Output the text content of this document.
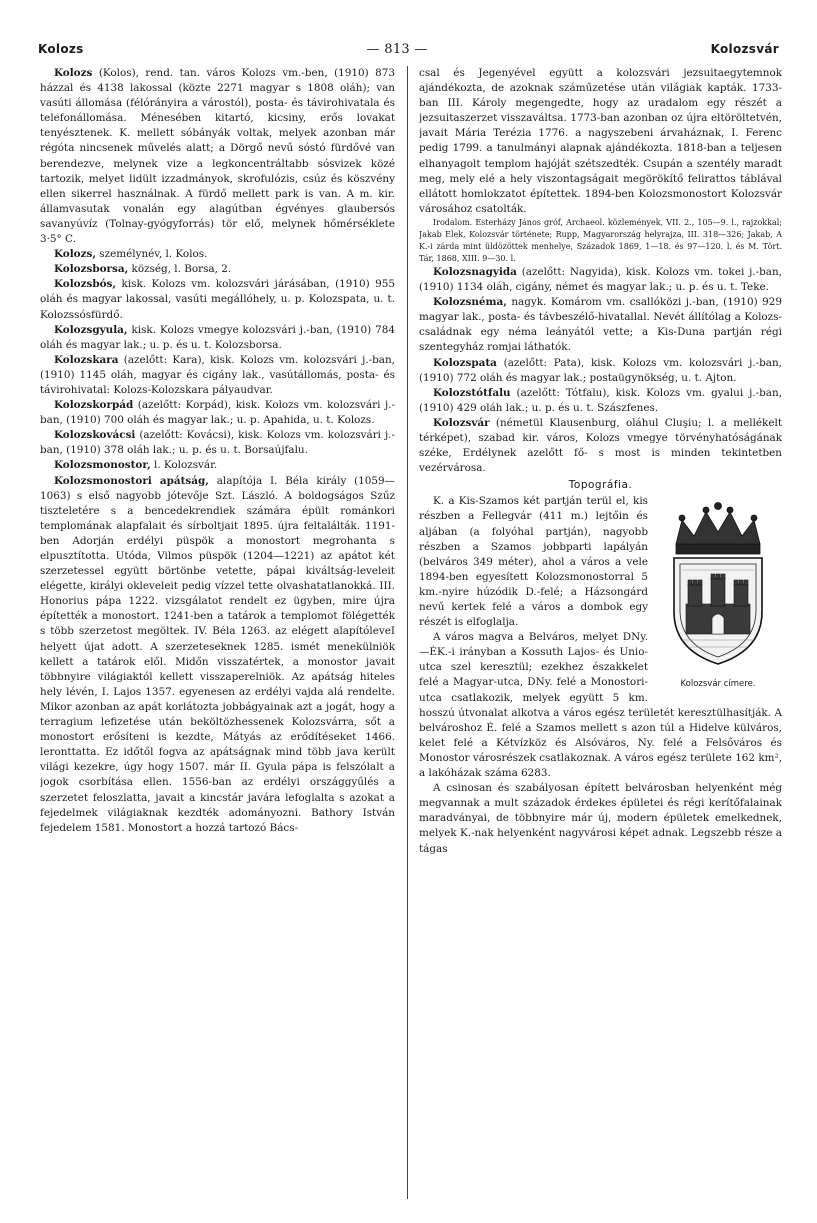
Kolozs	— 813 —	Kolozsvár

Kolozs (Kolos), rend. tan. város Kolozs vm.-ben, (1910) 873 házzal és 4138 lakossal (közte 2271 magyar s 1808 oláh); van vasúti állomása (félórányira a várostól), posta- és távirohivatala és telefonállomása. Ménesében kitartó, kicsiny, erős lovakat tenyésztenek. K. mellett sóbányák voltak, melyek azonban már régóta nincsenek művelés alatt; a Dörgő nevű sóstó fürdővé van berendezve, melynek vize a legkoncentráltabb sósvizek közé tartozik, melyet lidült izzadmányok, skrofulózis, csúz és köszvény ellen sikerrel használnak. A fürdő mellett park is van. A m. kir. államvasutak vonalán egy alagútban égvényes glaubersós savanyúvíz (Tolnay-gyógyforrás) tör elő, melynek hőmérséklete 3·5° C.

Kolozs, személynév, l. Kolos.

Kolozsborsa, község, l. Borsa, 2.

Kolozsbós, kisk. Kolozs vm. kolozsvári járásában, (1910) 955 oláh és magyar lakossal, vasúti megállóhely, u. p. Kolozspata, u. t. Kolozssósfürdő.

Kolozsgyula, kisk. Kolozs vmegye kolozsvári j.-ban, (1910) 784 oláh és magyar lak.; u. p. és u. t. Kolozsborsa.

Kolozskara (azelőtt: Kara), kisk. Kolozs vm. kolozsvári j.-ban, (1910) 1145 oláh, magyar és cigány lak., vasútállomás, posta- és távirohivatal: Kolozs-Kolozskara pályaudvar.

Kolozskorpád (azelőtt: Korpád), kisk. Kolozs vm. kolozsvári j.-ban, (1910) 700 oláh és magyar lak.; u. p. Apahida, u. t. Kolozs.

Kolozskovácsi (azelőtt: Kovácsi), kisk. Kolozs vm. kolozsvári j.-ban, (1910) 378 oláh lak.; u. p. és u. t. Borsaújfalu.

Kolozsmonostor, l. Kolozsvár.

Kolozsmonostori apátság, alapítója I. Béla király (1059—1063) s első nagyobb jótevője Szt. László. A boldogságos Szűz tiszteletére s a bencedekrendiek számára épült románkori templomának alapfalait és sírboltjait 1895. újra feltalálták. 1191-ben Adorján erdélyi püspök a monostort megrohanta s elpusztította. Utóda, Vilmos püspök (1204—1221) az apátot két szerzetessel együtt börtönbe vetette, pápai kiváltság-leveleit elégette, királyi okleveleit pedig vízzel tette olvashatatlanokká. III. Honorius pápa 1222. vizsgálatot rendelt ez ügyben, mire újra építették a monostort. 1241-ben a tatárok a templomot fölégették s több szerzetost megöltek. IV. Béla 1263. az elégett alapítóleveI helyett újat adott. A szerzeteseknek 1285. ismét menekülniök kellett a tatárok elől. Midőn visszatértek, a monostor javait többnyire világiaktól kellett visszaperelniök. Az apátság hiteles hely lévén, I. Lajos 1357. egyenesen az erdélyi vajda alá rendelte. Mikor azonban az apát korlátozta jobbágyainak azt a jogát, hogy a terragium lefizetése után beköltözhessenek Kolozsvárra, sőt a monostort erősíteni is kezdte, Mátyás az erődítéseket 1466. leronttatta. Ez időtől fogva az apátságnak mind több java került világi kezekre, úgy hogy 1507. már II. Gyula pápa is felszólalt a jogok csorbítása ellen. 1556-ban az erdélyi országgyűlés a szerzetet feloszlatta, javait a kincstár javára lefoglalta s azokat a fejedelmek világiaknak kezdték adományozni. Bathory István fejedelem 1581. Monostort a hozzá tartozó Bács-

csal és Jegenyével együtt a kolozsvári jezsuitaegytemnok ajándékozta, de azoknak száműzetése után világiak kapták. 1733-ban III. Károly megengedte, hogy az uradalom egy részét a jezsuitaszerzet visszaváltsa. 1773-ban azonban oz újra eltöröltetvén, javait Mária Terézia 1776. a nagyszebeni árvaháznak, I. Ferenc pedig 1799. a tanulmányi alapnak ajándékozta. 1818-ban a teljesen elhanyagolt templom hajóját szétszedték. Csupán a szentély maradt meg, mely elé a hely viszontagságait megörökítő felirattos táblával ellátott homlokzatot építettek. 1894-ben Kolozsmonostort Kolozsvár városához csatolták.

Irodalom. Esterházy János gróf, Archaeol. közlemények, VII. 2., 105—9. l., rajzokkal; Jakab Elek, Kolozsvár története; Rupp, Magyarország helyrajza, III. 318—326; Jakab, A K.-i zárda mint üldözöttek menhelye, Századok 1869, 1—18. és 97—120. l. és M. Tört. Tár, 1868, XIII. 9—30. l.

Kolozsnagyida (azelőtt: Nagyida), kisk. Kolozs vm. tokei j.-ban, (1910) 1134 oláh, cigány, német és magyar lak.; u. p. és u. t. Teke.

Kolozsnéma, nagyk. Komárom vm. csallóközi j.-ban, (1910) 929 magyar lak., posta- és távbeszélő-hivatallal. Nevét állítólag a Kolozs-családnak egy néma leányától vette; a Kis-Duna partján régi szentegyház romjai láthatók.

Kolozspata (azelőtt: Pata), kisk. Kolozs vm. kolozsvári j.-ban, (1910) 772 oláh és magyar lak.; postaügynökség, u. t. Ajton.

Kolozstótfalu (azelőtt: Tótfalu), kisk. Kolozs vm. gyalui j.-ban, (1910) 429 oláh lak.; u. p. és u. t. Szászfenes.

Kolozsvár (németül Klausenburg, oláhul Cluşiu; l. a mellékelt térképet), szabad kir. város, Kolozs vmegye törvényhatóságának széke, Erdélynek azelőtt fő- s most is minden tekintetben vezérvárosa.

Topográfia.

Kolozsvár címere.

K. a Kis-Szamos két partján terül el, kis részben a Fellegvár (411 m.) lejtőin és aljában (a folyóhal partján), nagyobb részben a Szamos jobbparti lapályán (belváros 349 méter), ahol a város a vele 1894-ben egyesített Kolozsmonostorral 5 km.-nyire húzódik D.-felé; a Házsongárd nevű kertek felé a város a dombok egy részét is elfoglalja.

A város magva a Belváros, melyet DNy.—ÉK.-i irányban a Kossuth Lajos- és Unio-utca szel keresztül; ezekhez északkelet felé a Magyar-utca, DNy. felé a Monostori-utca csatlakozik, melyek együtt 5 km. hosszú útvonalat alkotva a város egész területét keresztülhasítják. A belvároshoz É. felé a Szamos mellett s azon túl a Hidelve külváros, kelet felé a Kétvízköz és Alsóváros, Ny. felé a Felsőváros és Monostor városrészek csatlakoznak. A város egész területe 162 km², a lakóházak száma 6283.

A csinosan és szabályosan épített belvárosban helyenként még megvannak a mult századok érdekes épületei és régi kerítőfalainak maradványai, de többnyire már új, modern épületek emelkednek, melyek K.-nak helyenként nagyvárosi képet adnak. Legszebb része a tágas
